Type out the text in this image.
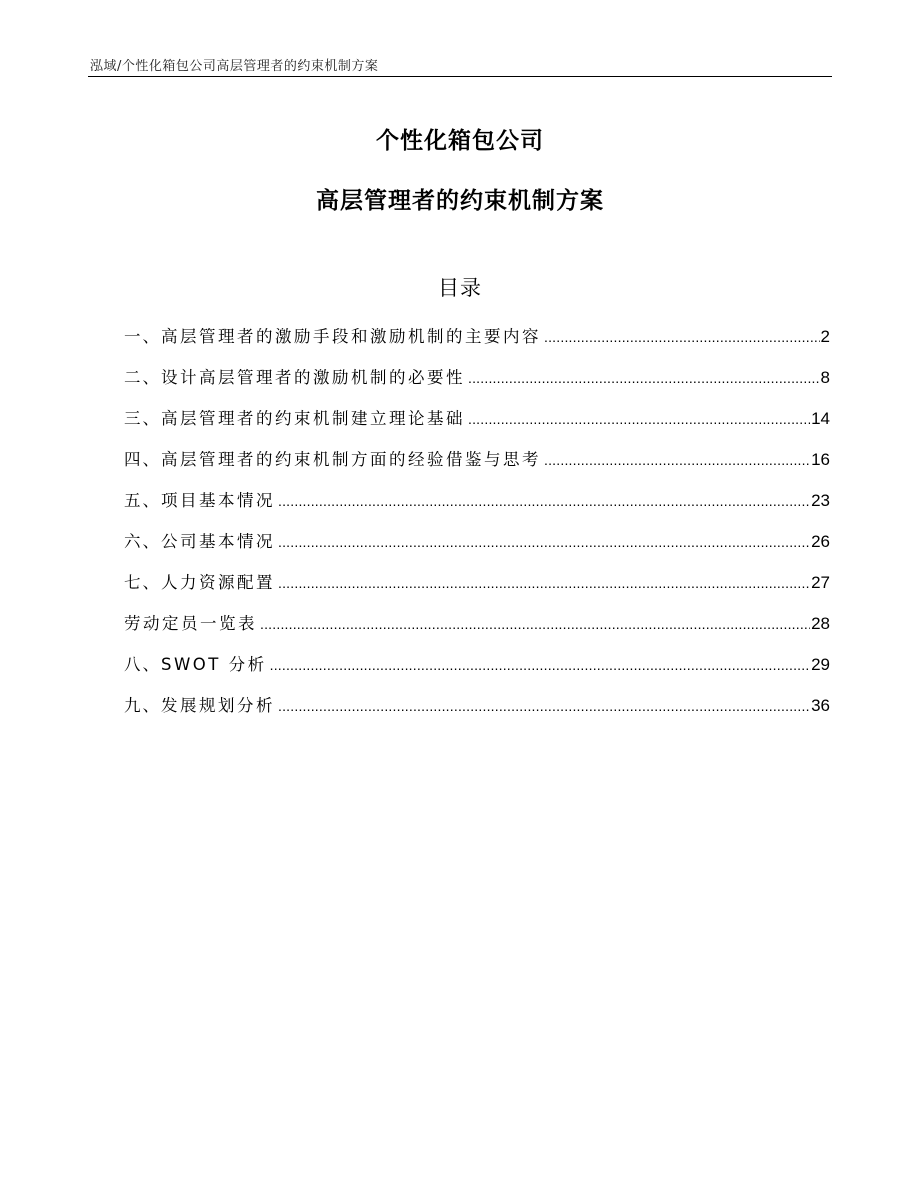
泓域/个性化箱包公司高层管理者的约束机制方案
个性化箱包公司
高层管理者的约束机制方案
目录
一、 高层管理者的激励手段和激励机制的主要内容 .....	2
二、 设计高层管理者的激励机制的必要性 .....	8
三、 高层管理者的约束机制建立理论基础 .....	14
四、 高层管理者的约束机制方面的经验借鉴与思考 .....	16
五、 项目基本情况 .....	23
六、 公司基本情况 .....	26
七、 人力资源配置 .....	27
劳动定员一览表 .....	28
八、 SWOT 分析 .....	29
九、 发展规划分析 .....	36
